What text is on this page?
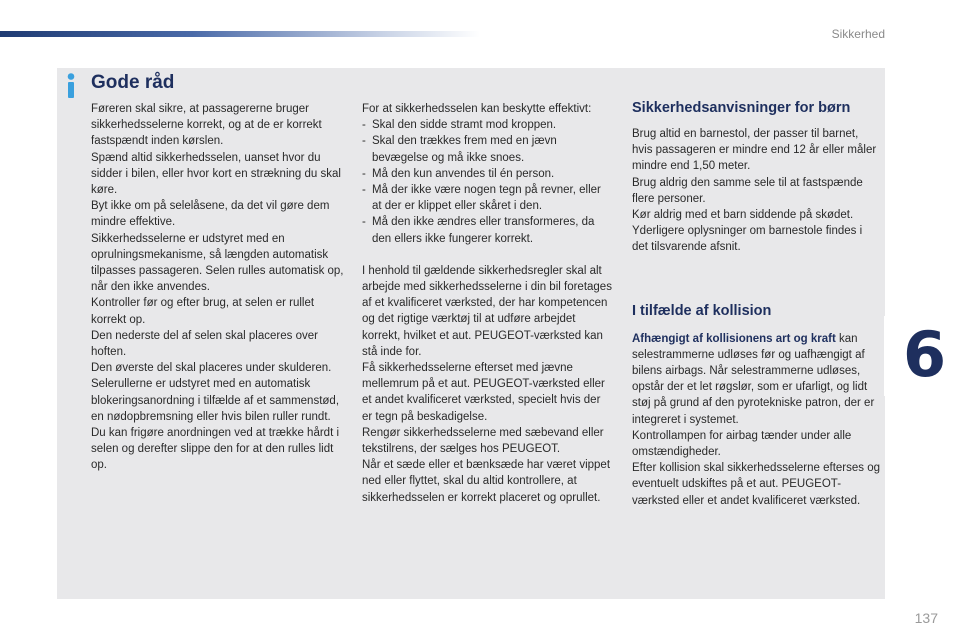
Sikkerhed
Gode råd

Føreren skal sikre, at passagererne bruger sikkerhedsselerne korrekt, og at de er korrekt fastspændt inden kørslen.

Spænd altid sikkerhedsselen, uanset hvor du sidder i bilen, eller hvor kort en strækning du skal køre.

Byt ikke om på selelåsene, da det vil gøre dem mindre effektive.

Sikkerhedsselerne er udstyret med en oprulningsmekanisme, så længden automatisk tilpasses passageren. Selen rulles automatisk op, når den ikke anvendes.

Kontroller før og efter brug, at selen er rullet korrekt op.

Den nederste del af selen skal placeres over hoften.

Den øverste del skal placeres under skulderen.

Selerullerne er udstyret med en automatisk blokeringsanordning i tilfælde af et sammenstød, en nødopbremsning eller hvis bilen ruller rundt. Du kan frigøre anordningen ved at trække hårdt i selen og derefter slippe den for at den rulles lidt op.

For at sikkerhedsselen kan beskytte effektivt:

- Skal den sidde stramt mod kroppen.
- Skal den trækkes frem med en jævn bevægelse og må ikke snoes.
- Må den kun anvendes til én person.
- Må der ikke være nogen tegn på revner, eller at der er klippet eller skåret i den.
- Må den ikke ændres eller transformeres, da den ellers ikke fungerer korrekt.

I henhold til gældende sikkerhedsregler skal alt arbejde med sikkerhedsselerne i din bil foretages af et kvalificeret værksted, der har kompetencen og det rigtige værktøj til at udføre arbejdet korrekt, hvilket et aut. PEUGEOT-værksted kan stå inde for.

Få sikkerhedsselerne efterset med jævne mellemrum på et aut. PEUGEOT-værksted eller et andet kvalificeret værksted, specielt hvis der er tegn på beskadigelse.

Rengør sikkerhedsselerne med sæbevand eller tekstilrens, der sælges hos PEUGEOT.

Når et sæde eller et bænksæde har været vippet ned eller flyttet, skal du altid kontrollere, at sikkerhedsselen er korrekt placeret og oprullet.

Sikkerhedsanvisninger for børn

Brug altid en barnestol, der passer til barnet, hvis passageren er mindre end 12 år eller måler mindre end 1,50 meter.

Brug aldrig den samme sele til at fastspænde flere personer.

Kør aldrig med et barn siddende på skødet.

Yderligere oplysninger om barnestole findes i det tilsvarende afsnit.

I tilfælde af kollision

Afhængigt af kollisionens art og kraft kan selestrammerne udløses før og uafhængigt af bilens airbags. Når selestrammerne udløses, opstår der et let røgslør, som er ufarligt, og lidt støj på grund af den pyrotekniske patron, der er integreret i systemet.

Kontrollampen for airbag tænder under alle omstændigheder.

Efter kollision skal sikkerhedsselerne efterses og eventuelt udskiftes på et aut. PEUGEOT-værksted eller et andet kvalificeret værksted.

6
137
